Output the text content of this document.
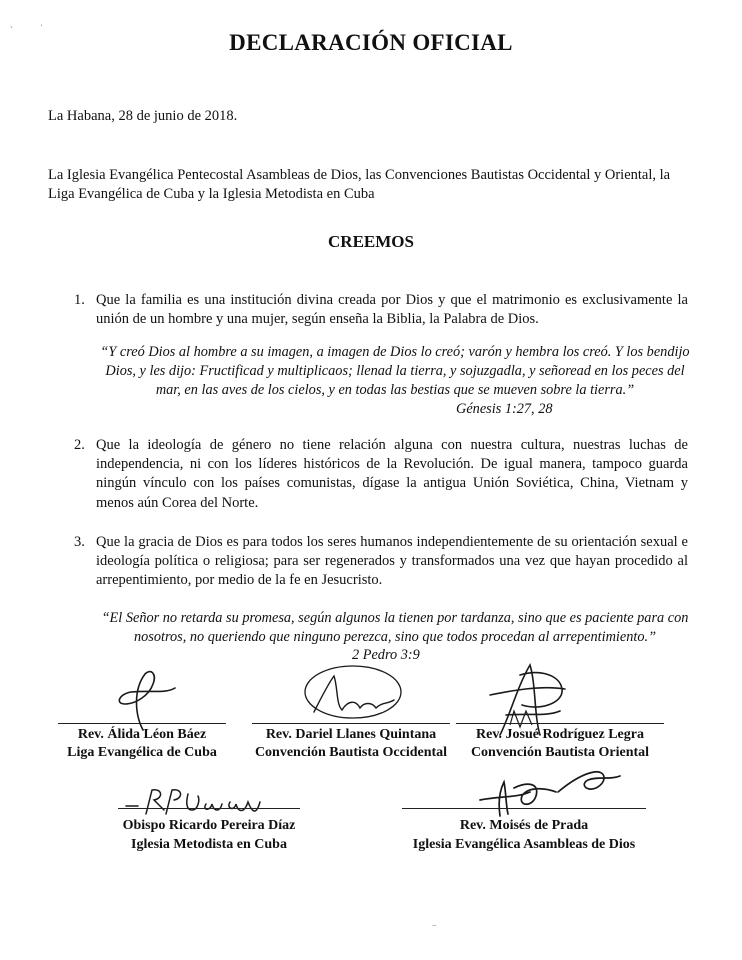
ˎ	ˌ
DECLARACIÓN OFICIAL
La Habana, 28 de junio de 2018.
La Iglesia Evangélica Pentecostal Asambleas de Dios, las Convenciones Bautistas Occidental y Oriental, la Liga Evangélica de Cuba y la Iglesia Metodista en Cuba
CREEMOS
1. Que la familia es una institución divina creada por Dios y que el matrimonio es exclusivamente la unión de un hombre y una mujer, según enseña la Biblia, la Palabra de Dios.
“Y creó Dios al hombre a su imagen, a imagen de Dios lo creó; varón y hembra los creó. Y los bendijo Dios, y les dijo: Fructificad y multiplicaos; llenad la tierra, y sojuzgadla, y señoread en los peces del mar, en las aves de los cielos, y en todas las bestias que se mueven sobre la tierra.”
Génesis 1:27, 28
2. Que la ideología de género no tiene relación alguna con nuestra cultura, nuestras luchas de independencia, ni con los líderes históricos de la Revolución. De igual manera, tampoco guarda ningún vínculo con los países comunistas, dígase la antigua Unión Soviética, China, Vietnam y menos aún Corea del Norte.
3. Que la gracia de Dios es para todos los seres humanos independientemente de su orientación sexual e ideología política o religiosa; para ser regenerados y transformados una vez que hayan procedido al arrepentimiento, por medio de la fe en Jesucristo.
“El Señor no retarda su promesa, según algunos la tienen por tardanza, sino que es paciente para con nosotros, no queriendo que ninguno perezca, sino que todos procedan al arrepentimiento.”
2 Pedro 3:9
Rev. Álida Léon Báez
Liga Evangélica de Cuba
Rev. Dariel Llanes Quintana
Convención Bautista Occidental
Rev. Josué Rodríguez Legra
Convención Bautista Oriental
Obispo Ricardo Pereira Díaz
Iglesia Metodista en Cuba
Rev. Moisés de Prada
Iglesia Evangélica Asambleas de Dios
⁻
